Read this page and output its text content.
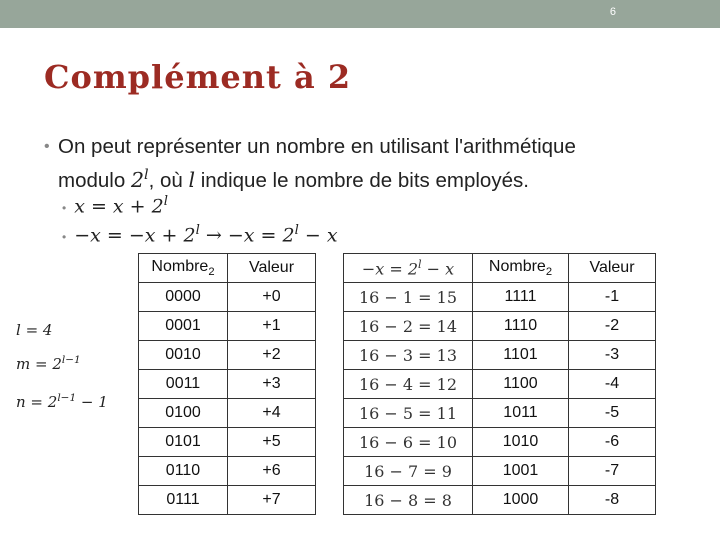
6
Complément à 2
• On peut représenter un nombre en utilisant l'arithmétique
modulo 2$^l$, où l indique le nombre de bits employés.
• $x = x + 2^l$
• $-x = -x + 2^l \to -x = 2^l - x$
l = 4
$m = 2^{l-1}$
$n = 2^{l-1} - 1$
Nombre$_2$	Valeur
0000	+0
0001	+1
0010	+2
0011	+3
0100	+4
0101	+5
0110	+6
0111	+7
$-x = 2^l - x$	Nombre$_2$	Valeur
16 − 1 = 15	1111	-1
16 − 2 = 14	1110	-2
16 − 3 = 13	1101	-3
16 − 4 = 12	1100	-4
16 − 5 = 11	1011	-5
16 − 6 = 10	1010	-6
16 − 7 = 9	1001	-7
16 − 8 = 8	1000	-8
